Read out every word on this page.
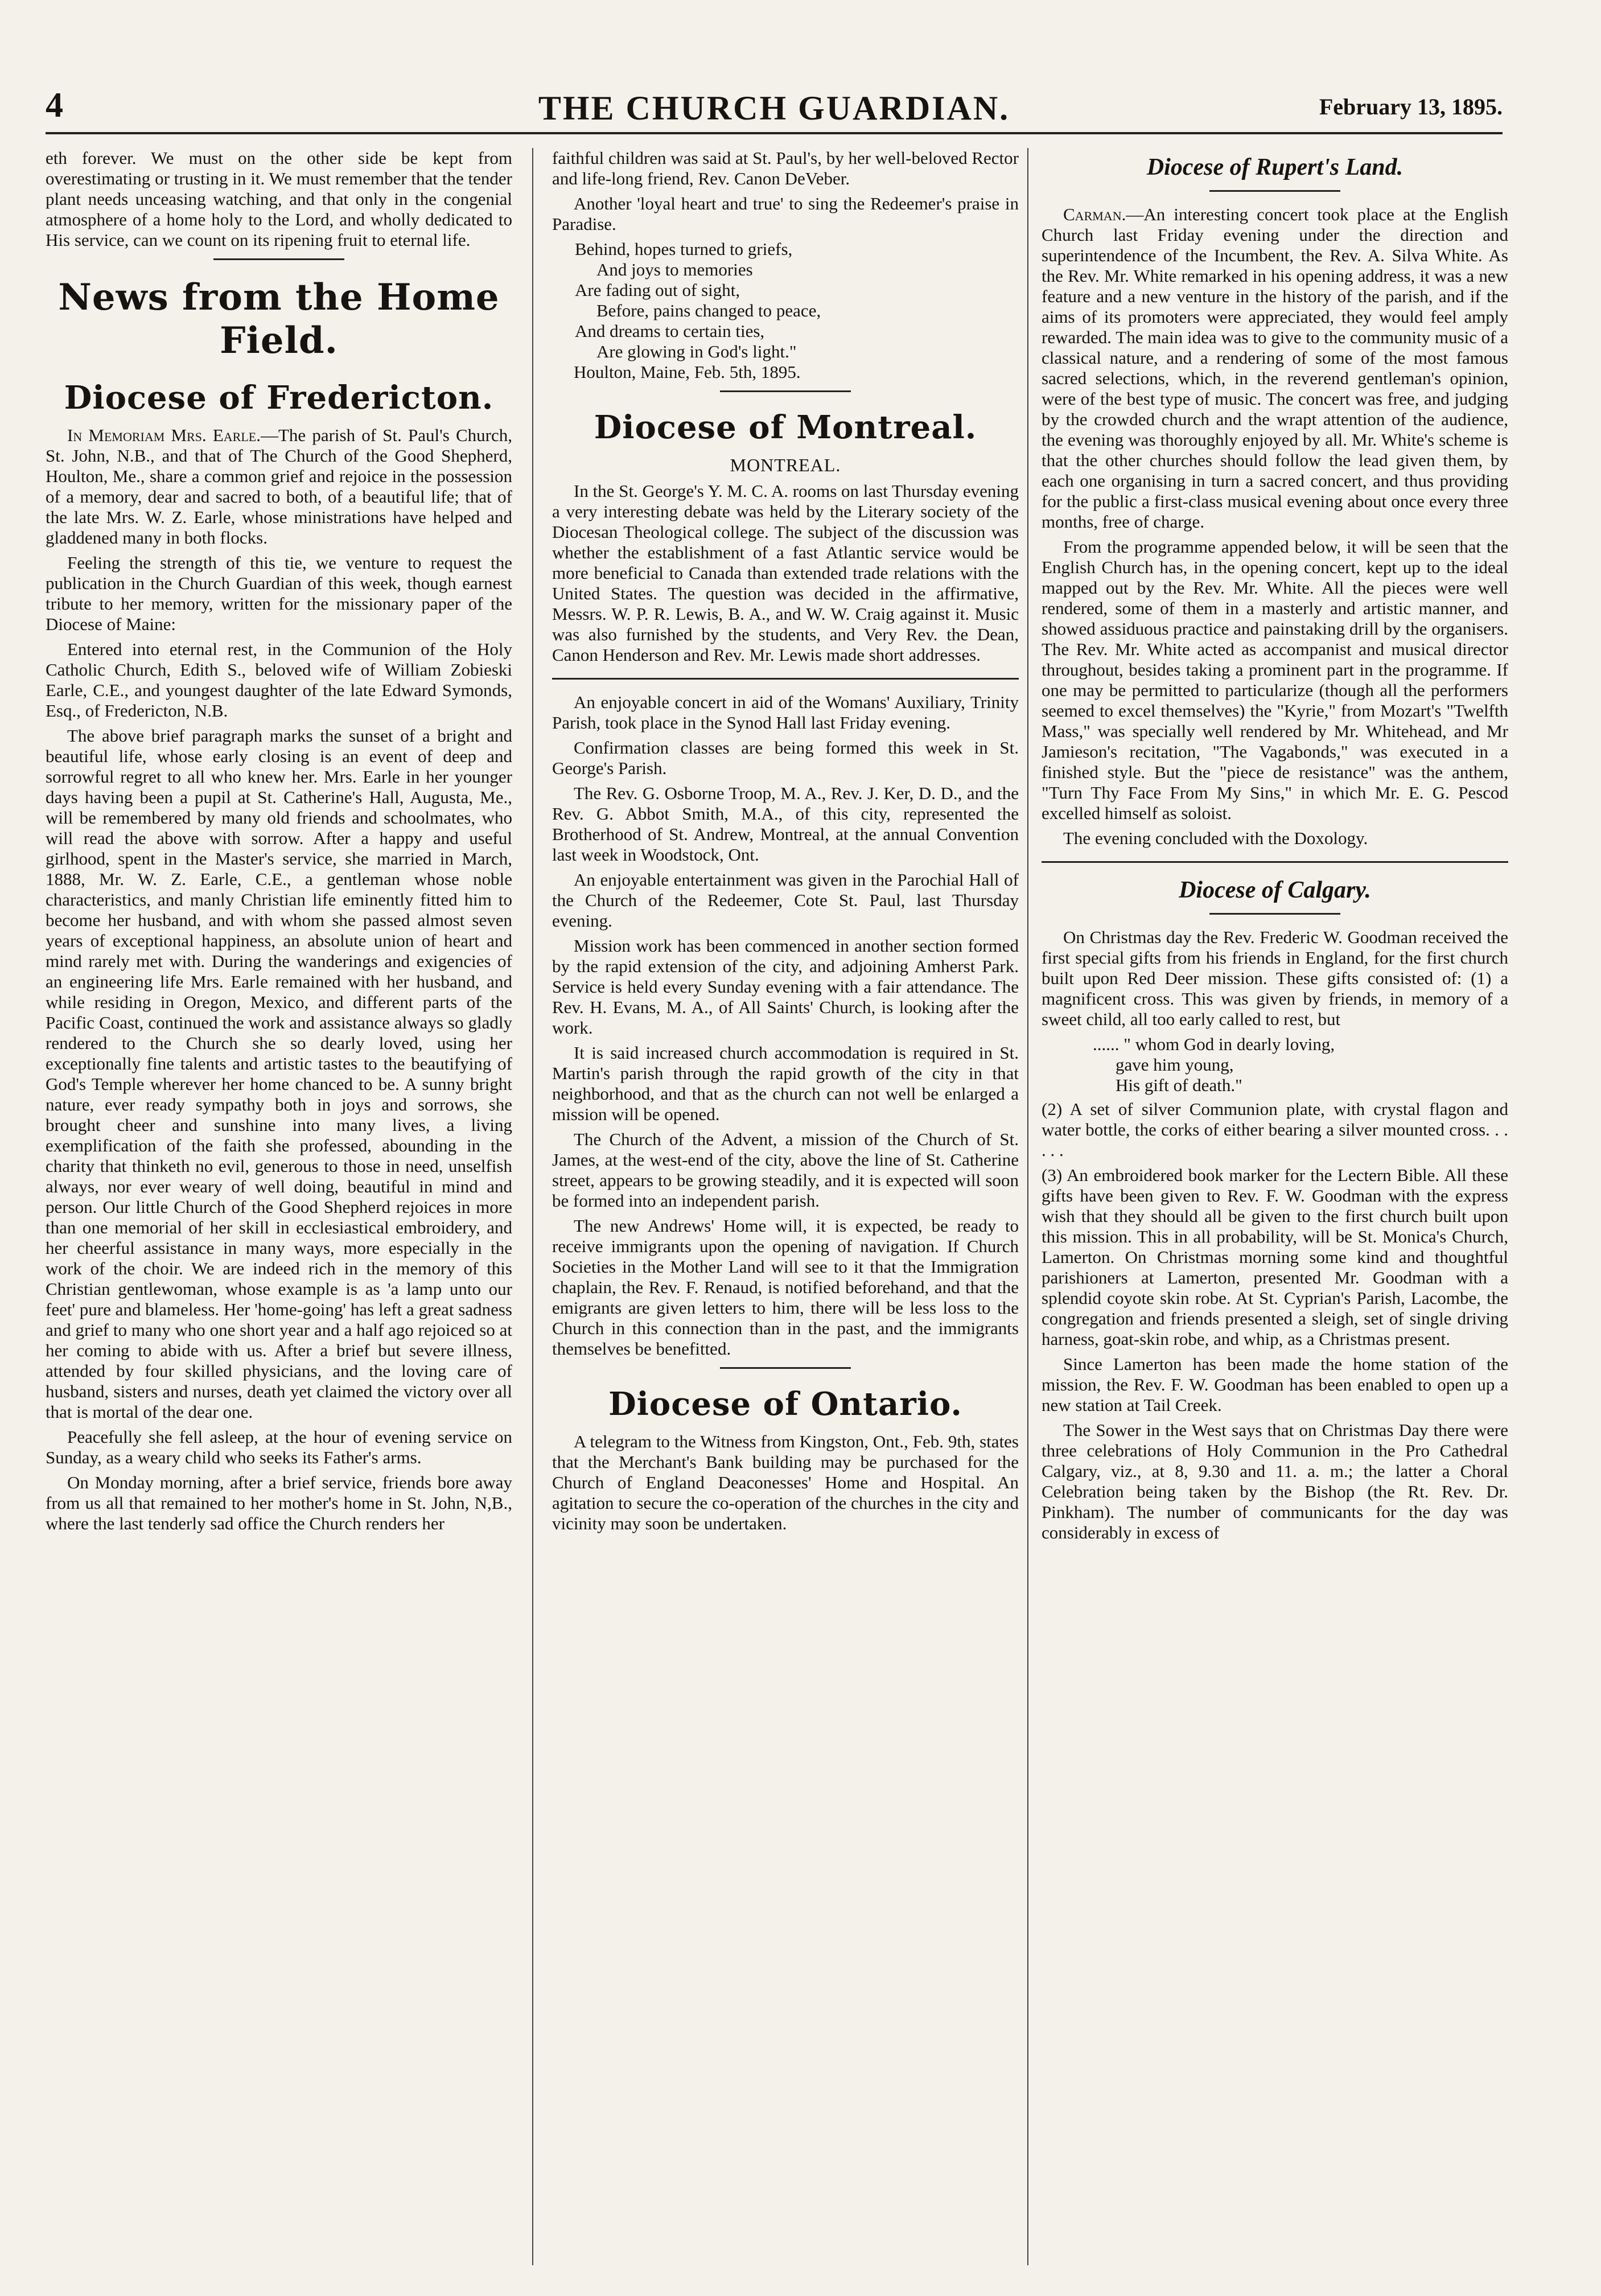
4	THE CHURCH GUARDIAN.	February 13, 1895.

eth forever. We must on the other side be kept from overestimating or trusting in it. We must remember that the tender plant needs unceasing watching, and that only in the congenial atmosphere of a home holy to the Lord, and wholly dedicated to His service, can we count on its ripening fruit to eternal life.

News from the Home Field.
Diocese of Fredericton.

In Memoriam Mrs. Earle.—The parish of St. Paul's Church, St. John, N.B., and that of The Church of the Good Shepherd, Houlton, Me., share a common grief and rejoice in the possession of a memory, dear and sacred to both, of a beautiful life; that of the late Mrs. W. Z. Earle, whose ministrations have helped and gladdened many in both flocks.

Feeling the strength of this tie, we venture to request the publication in the Church Guardian of this week, though earnest tribute to her memory, written for the missionary paper of the Diocese of Maine:

Entered into eternal rest, in the Communion of the Holy Catholic Church, Edith S., beloved wife of William Zobieski Earle, C.E., and youngest daughter of the late Edward Symonds, Esq., of Fredericton, N.B.

The above brief paragraph marks the sunset of a bright and beautiful life, whose early closing is an event of deep and sorrowful regret to all who knew her. Mrs. Earle in her younger days having been a pupil at St. Catherine's Hall, Augusta, Me., will be remembered by many old friends and schoolmates, who will read the above with sorrow. After a happy and useful girlhood, spent in the Master's service, she married in March, 1888, Mr. W. Z. Earle, C.E., a gentleman whose noble characteristics, and manly Christian life eminently fitted him to become her husband, and with whom she passed almost seven years of exceptional happiness, an absolute union of heart and mind rarely met with. During the wanderings and exigencies of an engineering life Mrs. Earle remained with her husband, and while residing in Oregon, Mexico, and different parts of the Pacific Coast, continued the work and assistance always so gladly rendered to the Church she so dearly loved, using her exceptionally fine talents and artistic tastes to the beautifying of God's Temple wherever her home chanced to be. A sunny bright nature, ever ready sympathy both in joys and sorrows, she brought cheer and sunshine into many lives, a living exemplification of the faith she professed, abounding in the charity that thinketh no evil, generous to those in need, unselfish always, nor ever weary of well doing, beautiful in mind and person. Our little Church of the Good Shepherd rejoices in more than one memorial of her skill in ecclesiastical embroidery, and her cheerful assistance in many ways, more especially in the work of the choir. We are indeed rich in the memory of this Christian gentlewoman, whose example is as 'a lamp unto our feet' pure and blameless. Her 'home-going' has left a great sadness and grief to many who one short year and a half ago rejoiced so at her coming to abide with us. After a brief but severe illness, attended by four skilled physicians, and the loving care of husband, sisters and nurses, death yet claimed the victory over all that is mortal of the dear one.

Peacefully she fell asleep, at the hour of evening service on Sunday, as a weary child who seeks its Father's arms.

On Monday morning, after a brief service, friends bore away from us all that remained to her mother's home in St. John, N,B., where the last tenderly sad office the Church renders her

faithful children was said at St. Paul's, by her well-beloved Rector and life-long friend, Rev. Canon DeVeber.

Another 'loyal heart and true' to sing the Redeemer's praise in Paradise.

Behind, hopes turned to griefs,
And joys to memories
Are fading out of sight,
Before, pains changed to peace,
And dreams to certain ties,
Are glowing in God's light."

Houlton, Maine, Feb. 5th, 1895.

Diocese of Montreal.
MONTREAL.

In the St. George's Y. M. C. A. rooms on last Thursday evening a very interesting debate was held by the Literary society of the Diocesan Theological college. The subject of the discussion was whether the establishment of a fast Atlantic service would be more beneficial to Canada than extended trade relations with the United States. The question was decided in the affirmative, Messrs. W. P. R. Lewis, B. A., and W. W. Craig against it. Music was also furnished by the students, and Very Rev. the Dean, Canon Henderson and Rev. Mr. Lewis made short addresses.

An enjoyable concert in aid of the Womans' Auxiliary, Trinity Parish, took place in the Synod Hall last Friday evening.

Confirmation classes are being formed this week in St. George's Parish.

The Rev. G. Osborne Troop, M. A., Rev. J. Ker, D. D., and the Rev. G. Abbot Smith, M.A., of this city, represented the Brotherhood of St. Andrew, Montreal, at the annual Convention last week in Woodstock, Ont.

An enjoyable entertainment was given in the Parochial Hall of the Church of the Redeemer, Cote St. Paul, last Thursday evening.

Mission work has been commenced in another section formed by the rapid extension of the city, and adjoining Amherst Park. Service is held every Sunday evening with a fair attendance. The Rev. H. Evans, M. A., of All Saints' Church, is looking after the work.

It is said increased church accommodation is required in St. Martin's parish through the rapid growth of the city in that neighborhood, and that as the church can not well be enlarged a mission will be opened.

The Church of the Advent, a mission of the Church of St. James, at the west-end of the city, above the line of St. Catherine street, appears to be growing steadily, and it is expected will soon be formed into an independent parish.

The new Andrews' Home will, it is expected, be ready to receive immigrants upon the opening of navigation. If Church Societies in the Mother Land will see to it that the Immigration chaplain, the Rev. F. Renaud, is notified beforehand, and that the emigrants are given letters to him, there will be less loss to the Church in this connection than in the past, and the immigrants themselves be benefitted.

Diocese of Ontario.

A telegram to the Witness from Kingston, Ont., Feb. 9th, states that the Merchant's Bank building may be purchased for the Church of England Deaconesses' Home and Hospital. An agitation to secure the co-operation of the churches in the city and vicinity may soon be undertaken.

Diocese of Rupert's Land.

Carman.—An interesting concert took place at the English Church last Friday evening under the direction and superintendence of the Incumbent, the Rev. A. Silva White. As the Rev. Mr. White remarked in his opening address, it was a new feature and a new venture in the history of the parish, and if the aims of its promoters were appreciated, they would feel amply rewarded. The main idea was to give to the community music of a classical nature, and a rendering of some of the most famous sacred selections, which, in the reverend gentleman's opinion, were of the best type of music. The concert was free, and judging by the crowded church and the wrapt attention of the audience, the evening was thoroughly enjoyed by all. Mr. White's scheme is that the other churches should follow the lead given them, by each one organising in turn a sacred concert, and thus providing for the public a first-class musical evening about once every three months, free of charge.

From the programme appended below, it will be seen that the English Church has, in the opening concert, kept up to the ideal mapped out by the Rev. Mr. White. All the pieces were well rendered, some of them in a masterly and artistic manner, and showed assiduous practice and painstaking drill by the organisers. The Rev. Mr. White acted as accompanist and musical director throughout, besides taking a prominent part in the programme. If one may be permitted to particularize (though all the performers seemed to excel themselves) the "Kyrie," from Mozart's "Twelfth Mass," was specially well rendered by Mr. Whitehead, and Mr Jamieson's recitation, "The Vagabonds," was executed in a finished style. But the "piece de resistance" was the anthem, "Turn Thy Face From My Sins," in which Mr. E. G. Pescod excelled himself as soloist.

The evening concluded with the Doxology.

Diocese of Calgary.

On Christmas day the Rev. Frederic W. Goodman received the first special gifts from his friends in England, for the first church built upon Red Deer mission. These gifts consisted of: (1) a magnificent cross. This was given by friends, in memory of a sweet child, all too early called to rest, but

...... " whom God in dearly loving,
gave him young,
His gift of death."

(2) A set of silver Communion plate, with crystal flagon and water bottle, the corks of either bearing a silver mounted cross. . . . . .

(3) An embroidered book marker for the Lectern Bible. All these gifts have been given to Rev. F. W. Goodman with the express wish that they should all be given to the first church built upon this mission. This in all probability, will be St. Monica's Church, Lamerton. On Christmas morning some kind and thoughtful parishioners at Lamerton, presented Mr. Goodman with a splendid coyote skin robe. At St. Cyprian's Parish, Lacombe, the congregation and friends presented a sleigh, set of single driving harness, goat-skin robe, and whip, as a Christmas present.

Since Lamerton has been made the home station of the mission, the Rev. F. W. Goodman has been enabled to open up a new station at Tail Creek.

The Sower in the West says that on Christmas Day there were three celebrations of Holy Communion in the Pro Cathedral Calgary, viz., at 8, 9.30 and 11. a. m.; the latter a Choral Celebration being taken by the Bishop (the Rt. Rev. Dr. Pinkham). The number of communicants for the day was considerably in excess of
